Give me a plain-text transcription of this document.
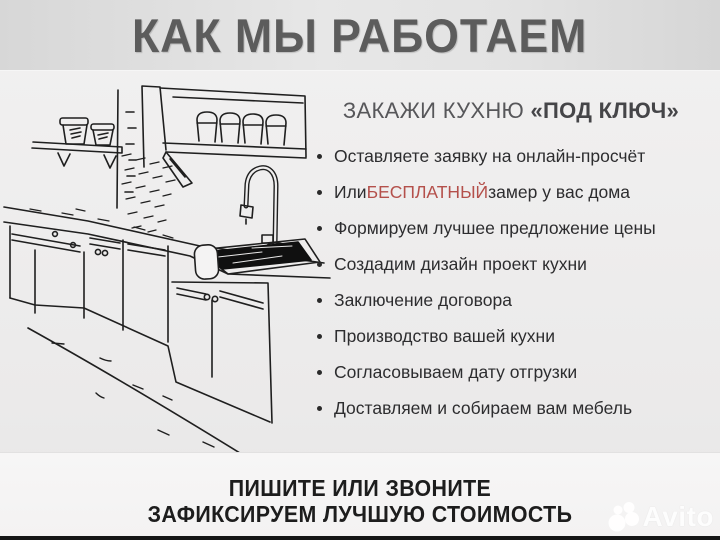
КАК МЫ РАБОТАЕМ

ЗАКАЖИ КУХНЮ «ПОД КЛЮЧ»

Оставляете заявку на онлайн-просчёт
Или БЕСПЛАТНЫЙ замер у вас дома
Формируем лучшее предложение цены
Создадим дизайн проект кухни
Заключение договора
Производство вашей кухни
Согласовываем дату отгрузки
Доставляем и собираем вам мебель
ПИШИТЕ ИЛИ ЗВОНИТЕ
ЗАФИКСИРУЕМ ЛУЧШУЮ СТОИМОСТЬ	Avito
